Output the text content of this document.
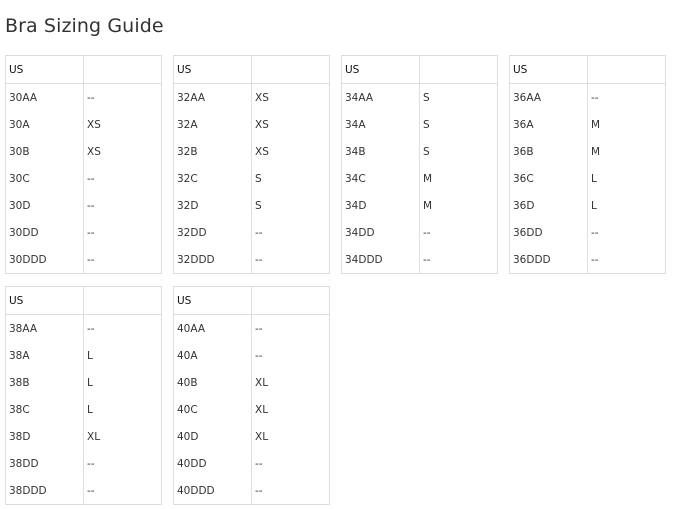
Bra Sizing Guide
US	
30AA	--
30A	XS
30B	XS
30C	--
30D	--
30DD	--
30DDD	--
US	
32AA	XS
32A	XS
32B	XS
32C	S
32D	S
32DD	--
32DDD	--
US	
34AA	S
34A	S
34B	S
34C	M
34D	M
34DD	--
34DDD	--
US	
36AA	--
36A	M
36B	M
36C	L
36D	L
36DD	--
36DDD	--
US	
38AA	--
38A	L
38B	L
38C	L
38D	XL
38DD	--
38DDD	--
US	
40AA	--
40A	--
40B	XL
40C	XL
40D	XL
40DD	--
40DDD	--
